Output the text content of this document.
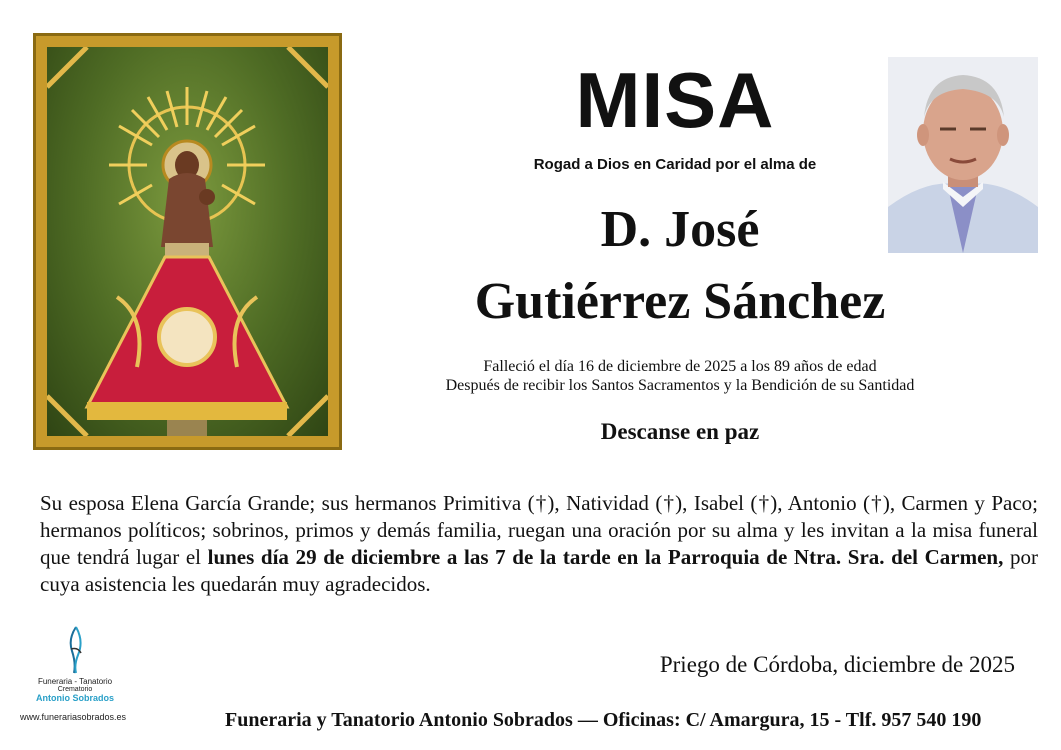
MISA
Rogad a Dios en Caridad por el alma de
D. José
Gutiérrez Sánchez
Falleció el día 16 de diciembre de 2025 a los 89 años de edad
Después de recibir los Santos Sacramentos y la Bendición de su Santidad
Descanse en paz
Su esposa Elena García Grande; sus hermanos Primitiva (†), Natividad (†), Isabel (†), Antonio (†), Carmen y Paco; hermanos políticos; sobrinos, primos y demás familia, ruegan una oración por su alma y les invitan a la misa funeral que tendrá lugar el lunes día 29 de diciembre a las 7 de la tarde en la Parroquia de Ntra. Sra. del Carmen, por cuya asistencia les quedarán muy agradecidos.
Priego de Córdoba, diciembre de 2025
Funeraria y Tanatorio Antonio Sobrados — Oficinas: C/ Amargura, 15 - Tlf. 957 540 190
Funeraria - Tanatorio
Crematorio
Antonio Sobrados
www.funerariasobrados.es
